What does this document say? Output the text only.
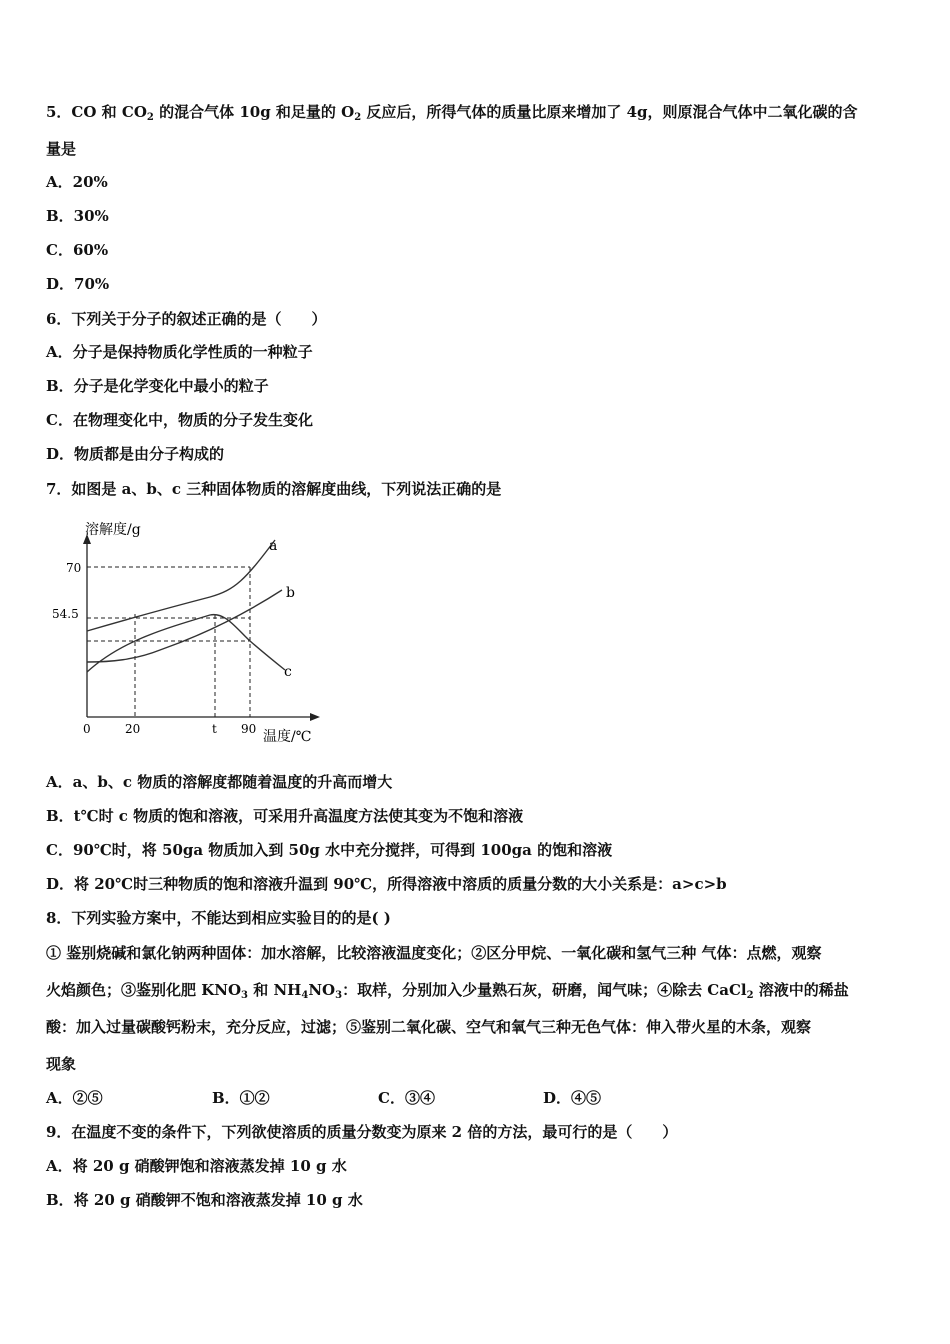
5．CO 和 $CO_2$ 的混合气体 10g 和足量的 $O_2$ 反应后，所得气体的质量比原来增加了 4g，则原混合气体中二氧化碳的含
量是
A．20%
B．30%
C．60%
D．70%
6．下列关于分子的叙述正确的是（　　）
A．分子是保持物质化学性质的一种粒子
B．分子是化学变化中最小的粒子
C．在物理变化中，物质的分子发生变化
D．物质都是由分子构成的
7．如图是 a、b、c 三种固体物质的溶解度曲线，下列说法正确的是
溶解度/g
温度/℃
70
54.5
0	20	t 90
a
b
c
A．a、b、c 物质的溶解度都随着温度的升高而增大
B．t℃时 c 物质的饱和溶液，可采用升高温度方法使其变为不饱和溶液
C．90℃时，将 50ga 物质加入到 50g 水中充分搅拌，可得到 100ga 的饱和溶液
D．将 20℃时三种物质的饱和溶液升温到 90℃，所得溶液中溶质的质量分数的大小关系是：a>c>b
8．下列实验方案中，不能达到相应实验目的的是( )
① 鉴别烧碱和氯化钠两种固体：加水溶解，比较溶液温度变化；②区分甲烷、一氧化碳和氢气三种 气体：点燃，观察
火焰颜色；③鉴别化肥 $KNO_3$ 和 $NH_4NO_3$：取样，分别加入少量熟石灰，研磨，闻气味；④除去 CaCl$_2$ 溶液中的稀盐
酸：加入过量碳酸钙粉末，充分反应，过滤；⑤鉴别二氧化碳、空气和氧气三种无色气体：伸入带火星的木条，观察
现象
A．②⑤	B．①②	C．③④	D．④⑤
9．在温度不变的条件下，下列欲使溶质的质量分数变为原来 2 倍的方法，最可行的是（　　）
A．将 20 g 硝酸钾饱和溶液蒸发掉 10 g 水
B．将 20 g 硝酸钾不饱和溶液蒸发掉 10 g 水
